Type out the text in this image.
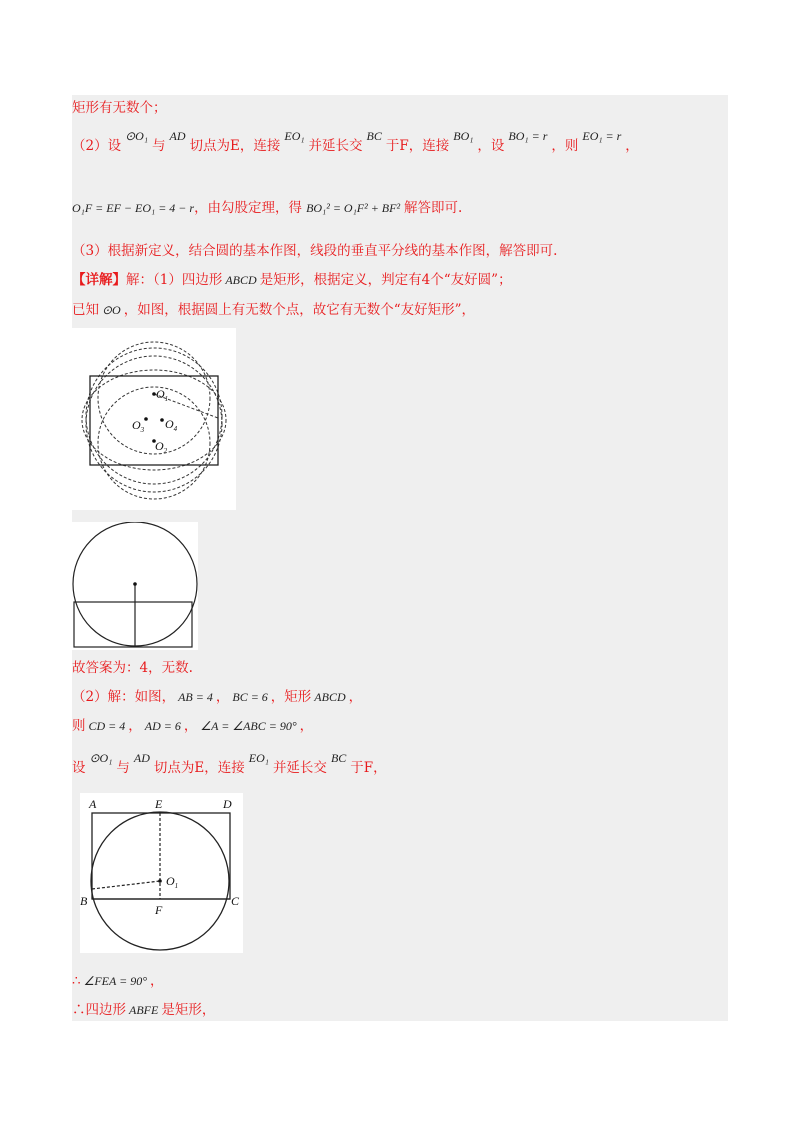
矩形有无数个；
（2）设⊙O₁与AD切点为E，连接EO₁并延长交BC于F，连接BO₁，设BO₁ = r，则EO₁ = r，
O₁F = EF − EO₁ = 4 − r，由勾股定理，得 BO₁² = O₁F² + BF² 解答即可.
（3）根据新定义，结合圆的基本作图，线段的垂直平分线的基本作图，解答即可.
【详解】解：（1）四边形 ABCD 是矩形，根据定义，判定有4个“友好圆”；
已知 ⊙O ，如图，根据圆上有无数个点，故它有无数个“友好矩形”，
$O_1$
$O_3$ $O_4$
$O_2$
故答案为：4，无数.
（2）解：如图， AB = 4 ， BC = 6 ，矩形 ABCD ，
则 CD = 4 ， AD = 6 ， ∠A = ∠ABC = 90° ，
设⊙O₁与AD切点为E，连接EO₁并延长交BC于F，
A	E	D
B
F
C
$O_1$
∴ ∠FEA = 90° ，
∴四边形 ABFE 是矩形，
